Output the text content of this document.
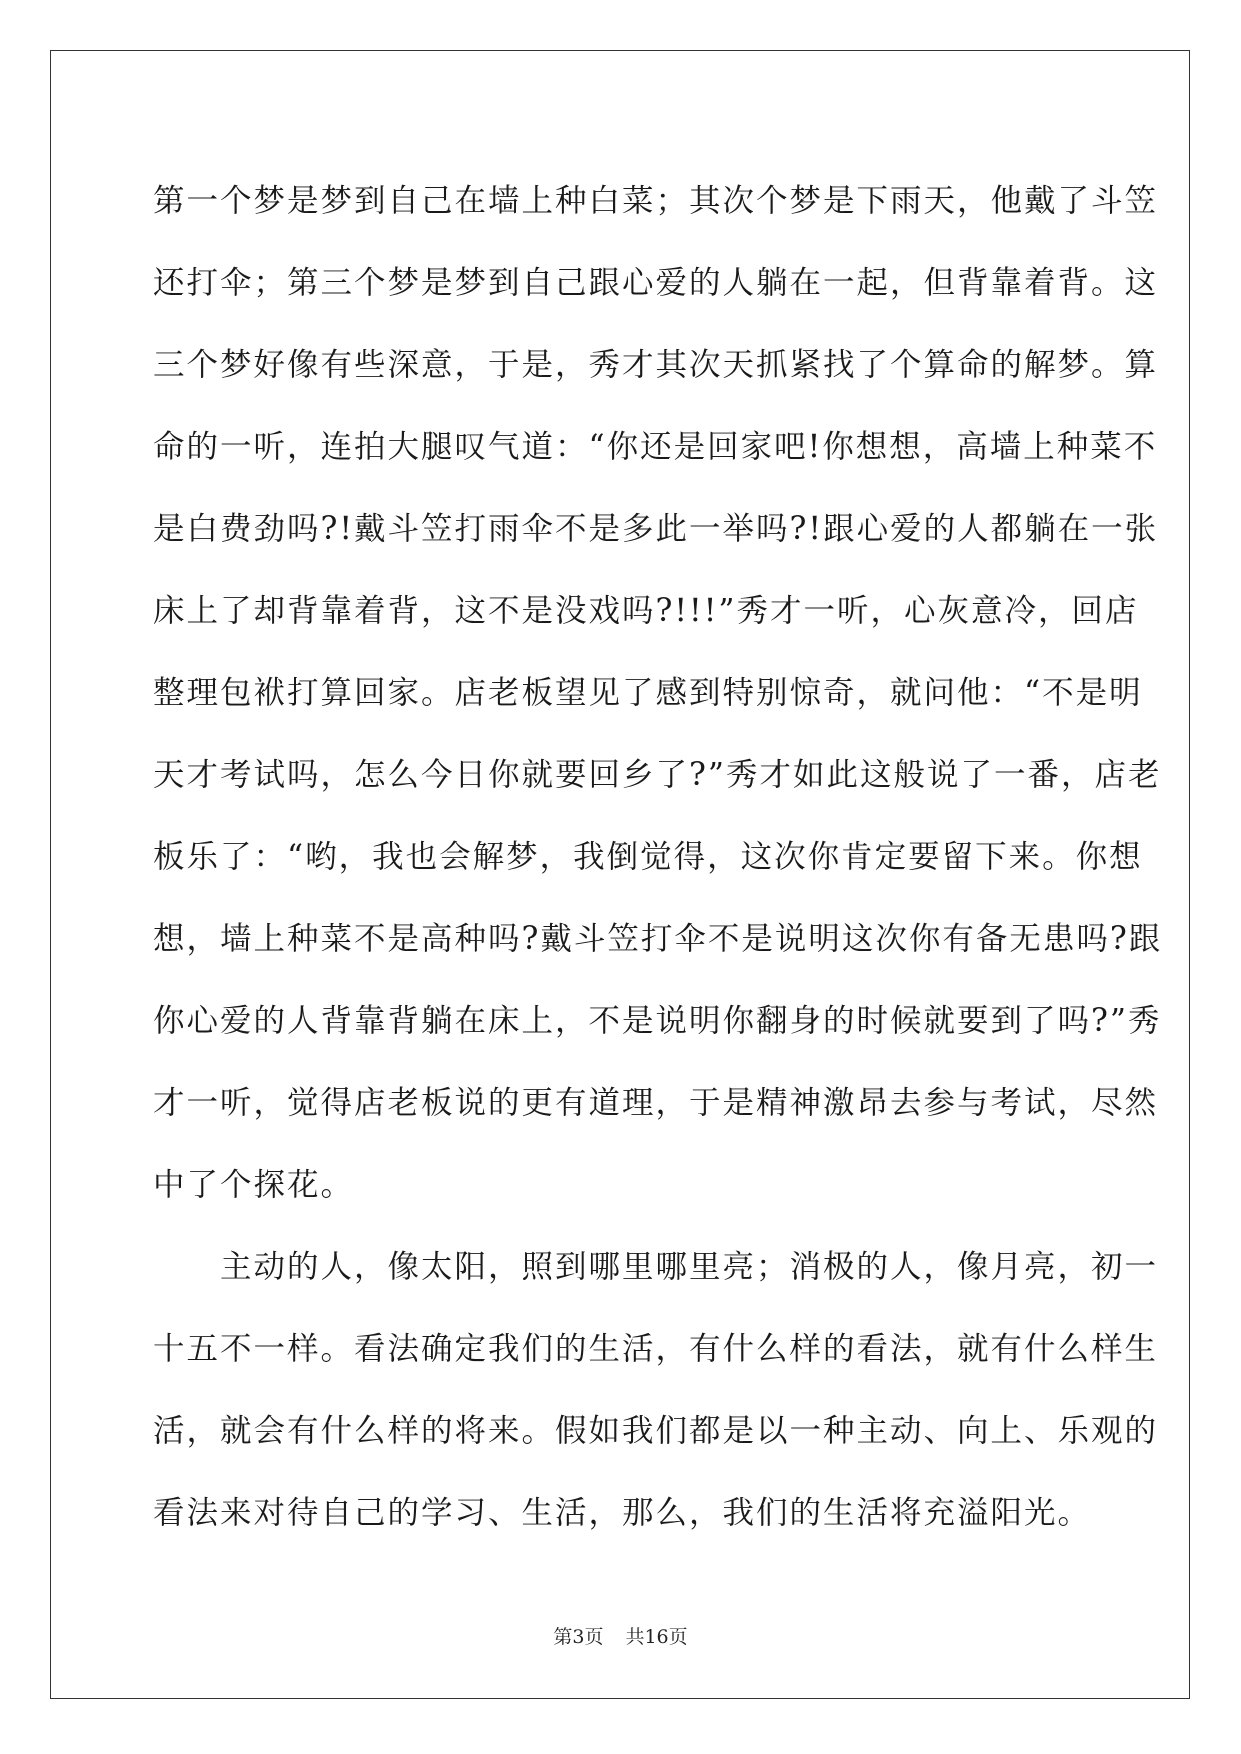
第一个梦是梦到自己在墙上种白菜；其次个梦是下雨天，他戴了斗笠
还打伞；第三个梦是梦到自己跟心爱的人躺在一起，但背靠着背。这
三个梦好像有些深意，于是，秀才其次天抓紧找了个算命的解梦。算
命的一听，连拍大腿叹气道：“你还是回家吧!你想想，高墙上种菜不
是白费劲吗?!戴斗笠打雨伞不是多此一举吗?!跟心爱的人都躺在一张
床上了却背靠着背，这不是没戏吗?!!!”秀才一听，心灰意冷，回店
整理包袱打算回家。店老板望见了感到特别惊奇，就问他：“不是明
天才考试吗，怎么今日你就要回乡了?”秀才如此这般说了一番，店老
板乐了：“哟，我也会解梦，我倒觉得，这次你肯定要留下来。你想
想，墙上种菜不是高种吗?戴斗笠打伞不是说明这次你有备无患吗?跟
你心爱的人背靠背躺在床上，不是说明你翻身的时候就要到了吗?”秀
才一听，觉得店老板说的更有道理，于是精神激昂去参与考试，尽然
中了个探花。
　　主动的人，像太阳，照到哪里哪里亮；消极的人，像月亮，初一
十五不一样。看法确定我们的生活，有什么样的看法，就有什么样生
活，就会有什么样的将来。假如我们都是以一种主动、向上、乐观的
看法来对待自己的学习、生活，那么，我们的生活将充溢阳光。
第3页 共16页
